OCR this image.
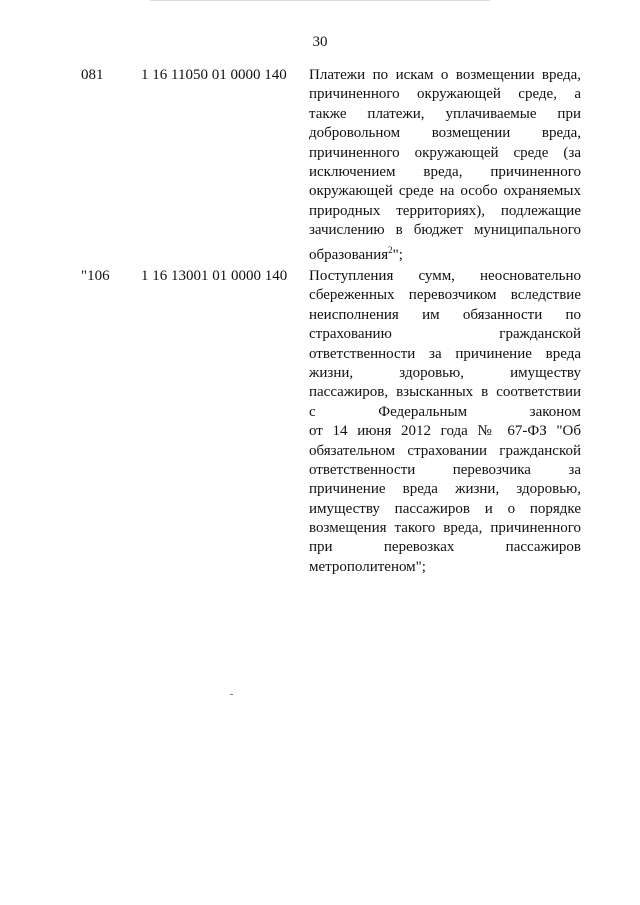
30
081	1 16 11050 01 0000 140 Платежи по искам о возмещении вреда,
причиненного окружающей среде, а
также платежи, уплачиваемые при
добровольном возмещении вреда,
причиненного окружающей среде (за
исключением вреда, причиненного
окружающей среде на особо охраняемых
природных территориях), подлежащие
зачислению в бюджет муниципального
образования$^2$";
"106 1 16 13001 01 0000 140 Поступления сумм, неосновательно
сбереженных перевозчиком вследствие
неисполнения им обязанности по
страхованию гражданской
ответственности за причинение вреда
жизни, здоровью, имуществу
пассажиров, взысканных в соответствии
с Федеральным законом
от 14 июня 2012 года № 67-ФЗ "Об
обязательном страховании гражданской
ответственности перевозчика за
причинение вреда жизни, здоровью,
имуществу пассажиров и о порядке
возмещения такого вреда, причиненного
при перевозках пассажиров
метрополитеном";
